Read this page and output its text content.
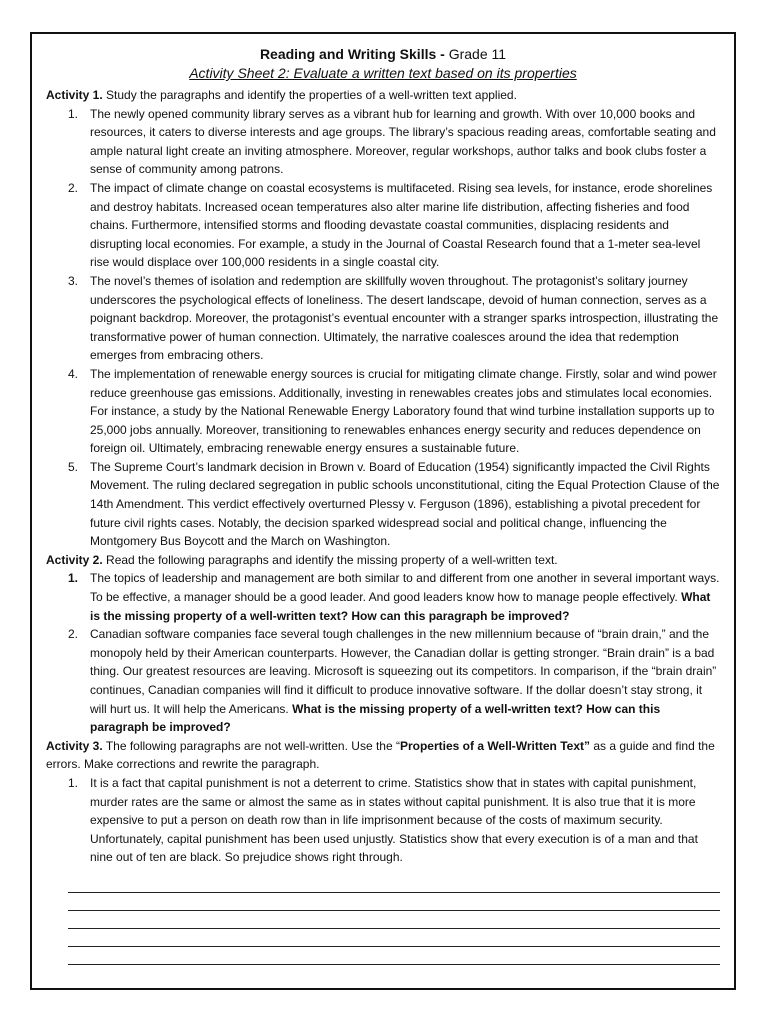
Reading and Writing Skills - Grade 11

Activity Sheet 2: Evaluate a written text based on its properties

Activity 1. Study the paragraphs and identify the properties of a well-written text applied.

1. The newly opened community library serves as a vibrant hub for learning and growth. With over 10,000 books and resources, it caters to diverse interests and age groups. The library’s spacious reading areas, comfortable seating and ample natural light create an inviting atmosphere. Moreover, regular workshops, author talks and book clubs foster a sense of community among patrons.
2. The impact of climate change on coastal ecosystems is multifaceted. Rising sea levels, for instance, erode shorelines and destroy habitats. Increased ocean temperatures also alter marine life distribution, affecting fisheries and food chains. Furthermore, intensified storms and flooding devastate coastal communities, displacing residents and disrupting local economies. For example, a study in the Journal of Coastal Research found that a 1-meter sea-level rise would displace over 100,000 residents in a single coastal city.
3. The novel’s themes of isolation and redemption are skillfully woven throughout. The protagonist’s solitary journey underscores the psychological effects of loneliness. The desert landscape, devoid of human connection, serves as a poignant backdrop. Moreover, the protagonist’s eventual encounter with a stranger sparks introspection, illustrating the transformative power of human connection. Ultimately, the narrative coalesces around the idea that redemption emerges from embracing others.
4. The implementation of renewable energy sources is crucial for mitigating climate change. Firstly, solar and wind power reduce greenhouse gas emissions. Additionally, investing in renewables creates jobs and stimulates local economies. For instance, a study by the National Renewable Energy Laboratory found that wind turbine installation supports up to 25,000 jobs annually. Moreover, transitioning to renewables enhances energy security and reduces dependence on foreign oil. Ultimately, embracing renewable energy ensures a sustainable future.
5. The Supreme Court’s landmark decision in Brown v. Board of Education (1954) significantly impacted the Civil Rights Movement. The ruling declared segregation in public schools unconstitutional, citing the Equal Protection Clause of the 14th Amendment. This verdict effectively overturned Plessy v. Ferguson (1896), establishing a pivotal precedent for future civil rights cases. Notably, the decision sparked widespread social and political change, influencing the Montgomery Bus Boycott and the March on Washington.

Activity 2. Read the following paragraphs and identify the missing property of a well-written text.

1. The topics of leadership and management are both similar to and different from one another in several important ways. To be effective, a manager should be a good leader. And good leaders know how to manage people effectively. What is the missing property of a well-written text? How can this paragraph be improved?
2. Canadian software companies face several tough challenges in the new millennium because of “brain drain,” and the monopoly held by their American counterparts. However, the Canadian dollar is getting stronger. “Brain drain” is a bad thing. Our greatest resources are leaving. Microsoft is squeezing out its competitors. In comparison, if the “brain drain” continues, Canadian companies will find it difficult to produce innovative software. If the dollar doesn’t stay strong, it will hurt us. It will help the Americans. What is the missing property of a well-written text? How can this paragraph be improved?

Activity 3. The following paragraphs are not well-written. Use the “Properties of a Well-Written Text” as a guide and find the errors. Make corrections and rewrite the paragraph.

1. It is a fact that capital punishment is not a deterrent to crime. Statistics show that in states with capital punishment, murder rates are the same or almost the same as in states without capital punishment. It is also true that it is more expensive to put a person on death row than in life imprisonment because of the costs of maximum security. Unfortunately, capital punishment has been used unjustly. Statistics show that every execution is of a man and that nine out of ten are black. So prejudice shows right through.
